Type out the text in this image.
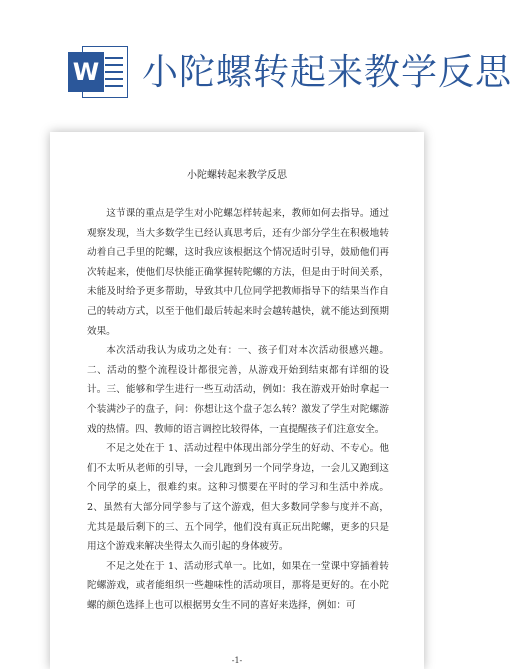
W 小陀螺转起来教学反思
小陀螺转起来教学反思

这节课的重点是学生对小陀螺怎样转起来，教师如何去指导。通过观察发现，当大多数学生已经认真思考后，还有少部分学生在积极地转动着自己手里的陀螺，这时我应该根据这个情况适时引导，鼓励他们再次转起来，使他们尽快能正确掌握转陀螺的方法，但是由于时间关系，未能及时给予更多帮助，导致其中几位同学把教师指导下的结果当作自己的转动方式，以至于他们最后转起来时会越转越快，就不能达到预期效果。

本次活动我认为成功之处有：一、孩子们对本次活动很感兴趣。二、活动的整个流程设计都很完善，从游戏开始到结束都有详细的设计。三、能够和学生进行一些互动活动，例如：我在游戏开始时拿起一个装满沙子的盘子，问：你想让这个盘子怎么转？激发了学生对陀螺游戏的热情。四、教师的语言调控比较得体，一直提醒孩子们注意安全。

不足之处在于 1、活动过程中体现出部分学生的好动、不专心。他们不太听从老师的引导，一会儿跑到另一个同学身边，一会儿又跑到这个同学的桌上，很难约束。这种习惯要在平时的学习和生活中养成。2、虽然有大部分同学参与了这个游戏，但大多数同学参与度并不高，尤其是最后剩下的三、五个同学，他们没有真正玩出陀螺，更多的只是用这个游戏来解决坐得太久而引起的身体疲劳。

不足之处在于 1、活动形式单一。比如，如果在一堂课中穿插着转陀螺游戏，或者能组织一些趣味性的活动项目，那将是更好的。在小陀螺的颜色选择上也可以根据男女生不同的喜好来选择，例如：可

-1-
